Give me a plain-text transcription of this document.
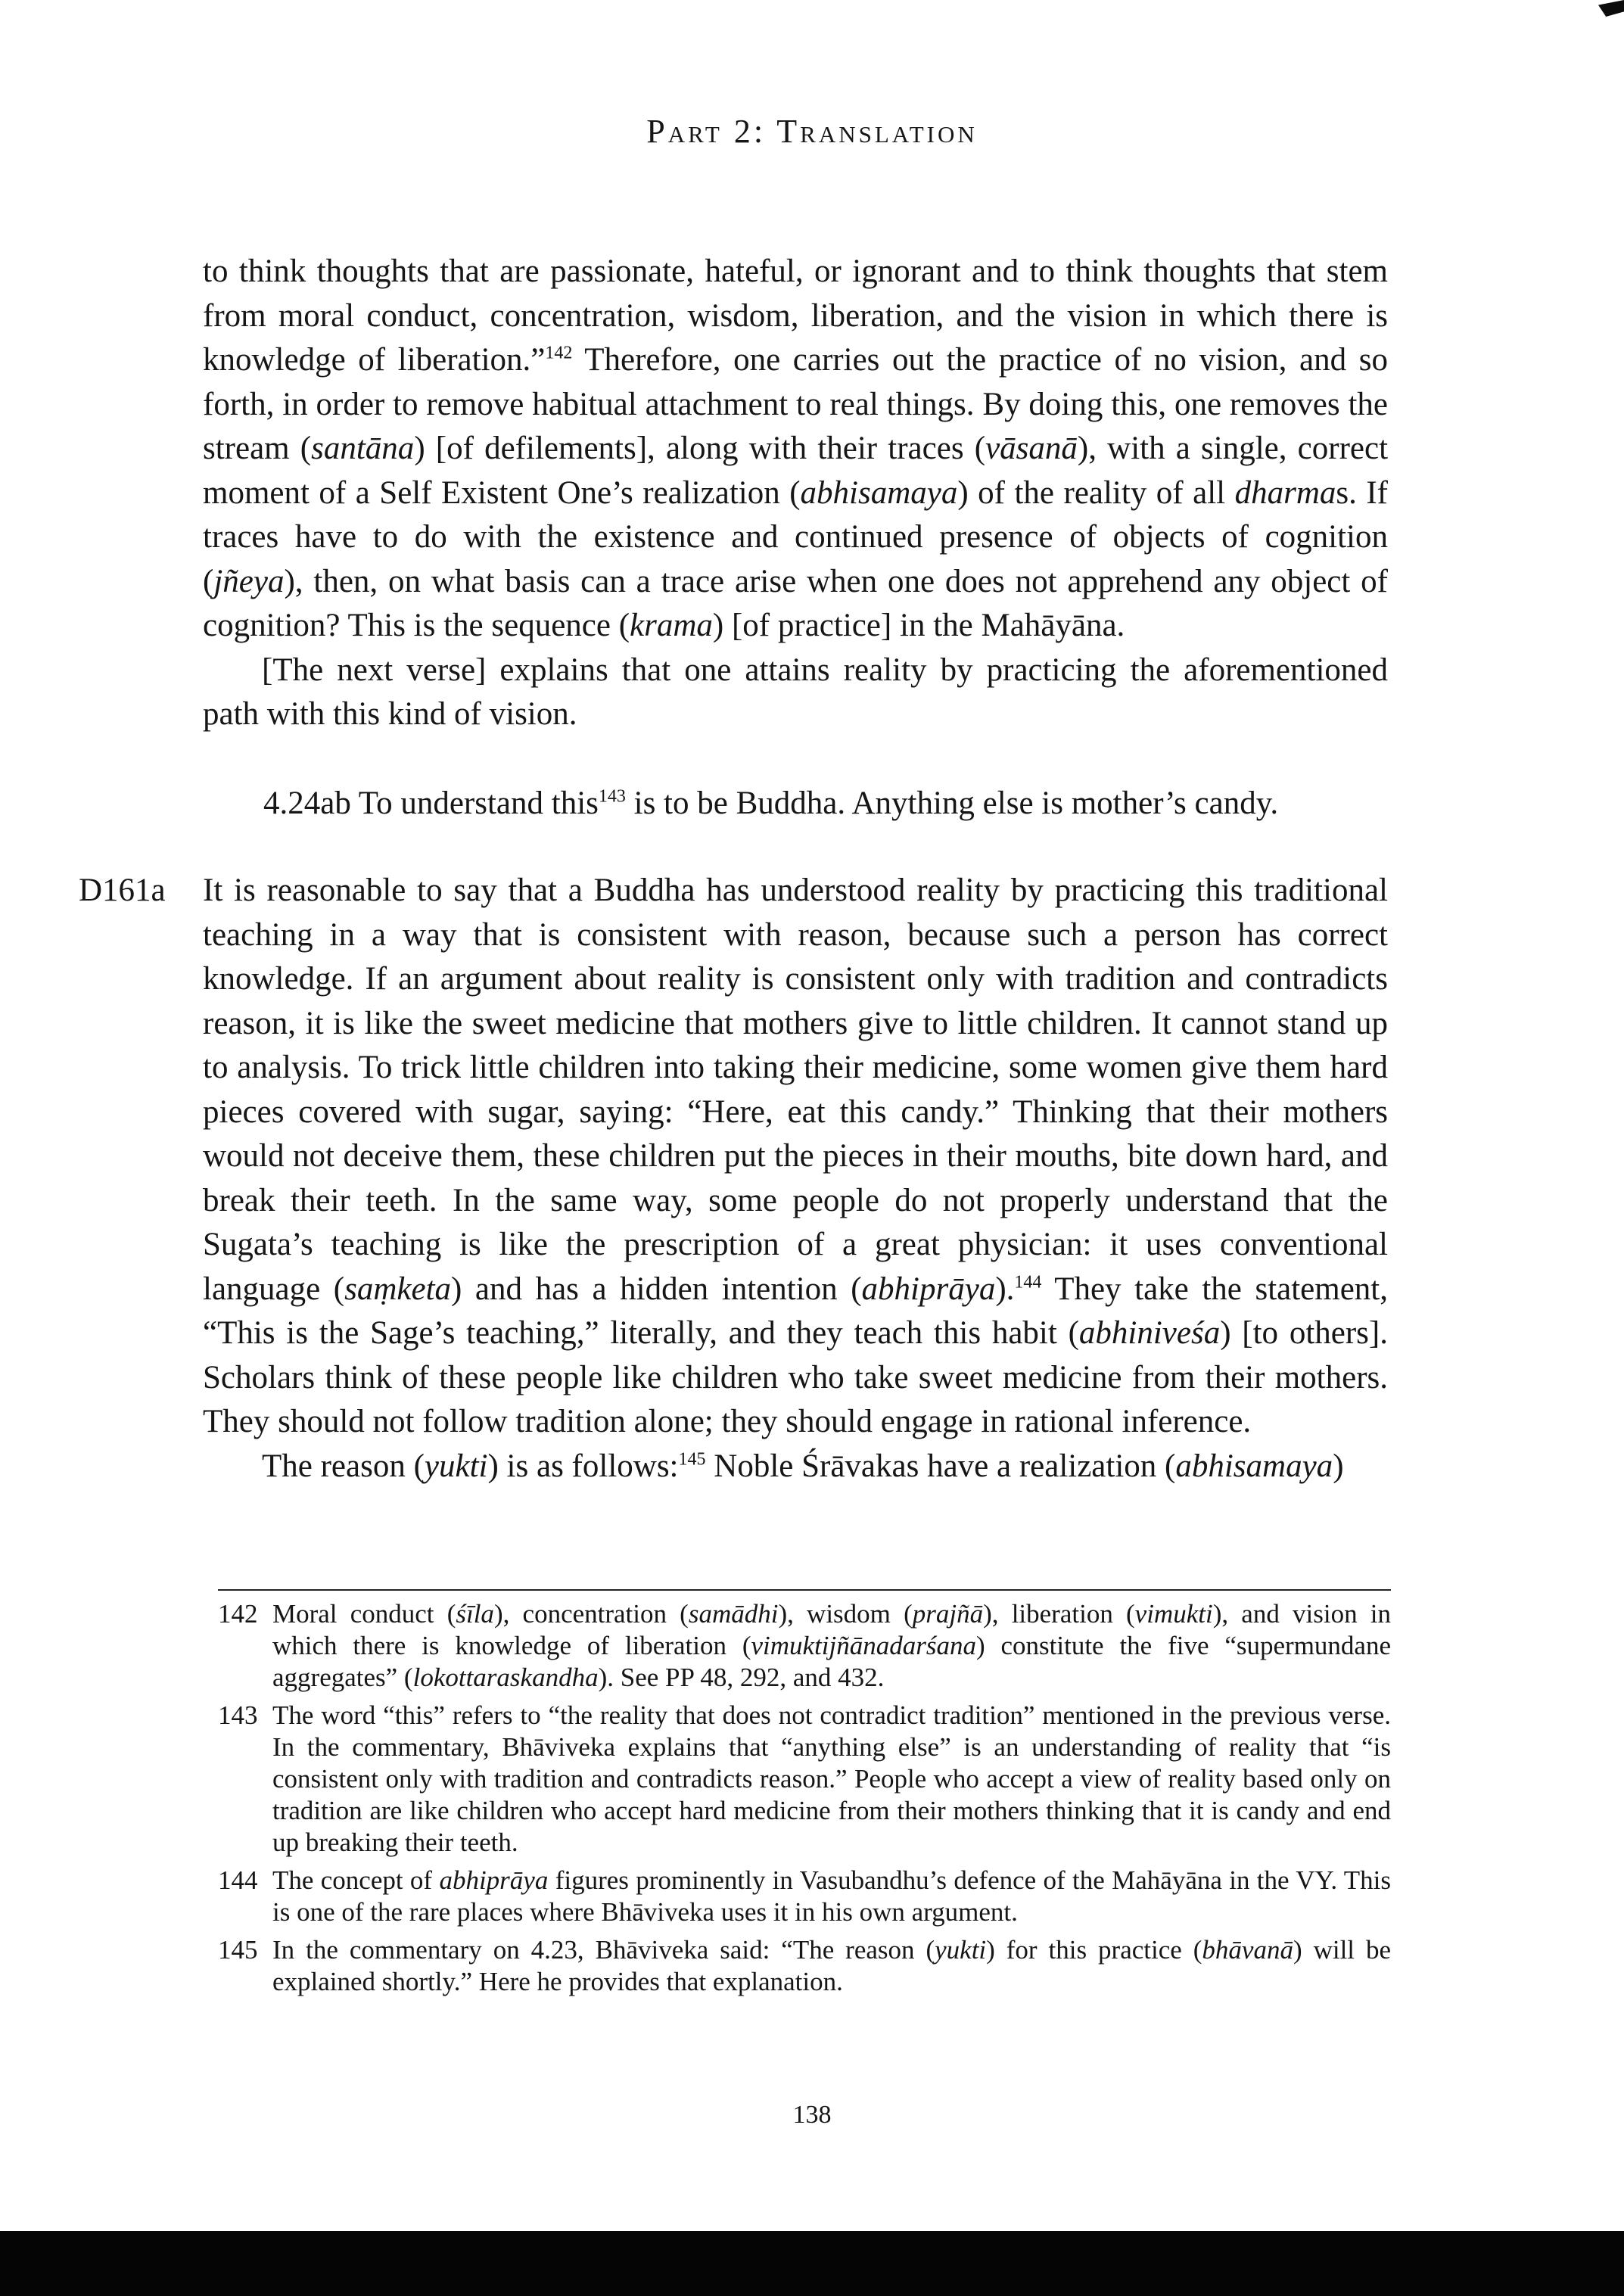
Part 2: Translation

to think thoughts that are passionate, hateful, or ignorant and to think thoughts that stem from moral conduct, concentration, wisdom, liberation, and the vision in which there is knowledge of liberation.”$^{142}$ Therefore, one carries out the practice of no vision, and so forth, in order to remove habitual attachment to real things. By doing this, one removes the stream (santāna) [of defilements], along with their traces (vāsanā), with a single, correct moment of a Self Existent One’s realization (abhisamaya) of the reality of all dharmas. If traces have to do with the existence and continued presence of objects of cognition (jñeya), then, on what basis can a trace arise when one does not apprehend any object of cognition? This is the sequence (krama) [of practice] in the Mahāyāna.

[The next verse] explains that one attains reality by practicing the aforementioned path with this kind of vision.

4.24ab To understand this$^{143}$ is to be Buddha. Anything else is mother’s candy.
D161a It is reasonable to say that a Buddha has understood reality by practicing this traditional teaching in a way that is consistent with reason, because such a person has correct knowledge. If an argument about reality is consistent only with tradition and contradicts reason, it is like the sweet medicine that mothers give to little children. It cannot stand up to analysis. To trick little children into taking their medicine, some women give them hard pieces covered with sugar, saying: “Here, eat this candy.” Thinking that their mothers would not deceive them, these children put the pieces in their mouths, bite down hard, and break their teeth. In the same way, some people do not properly understand that the Sugata’s teaching is like the prescription of a great physician: it uses conventional language (saṃketa) and has a hidden intention (abhiprāya).$^{144}$ They take the statement, “This is the Sage’s teaching,” literally, and they teach this habit (abhiniveśa) [to others]. Scholars think of these people like children who take sweet medicine from their mothers. They should not follow tradition alone; they should engage in rational inference.

The reason (yukti) is as follows:$^{145}$ Noble Śrāvakas have a realization (abhisamaya)

142 Moral conduct (śīla), concentration (samādhi), wisdom (prajñā), liberation (vimukti), and vision in which there is knowledge of liberation (vimuktijñānadarśana) constitute the five “supermundane aggregates” (lokottaraskandha). See PP 48, 292, and 432.
143 The word “this” refers to “the reality that does not contradict tradition” mentioned in the previous verse. In the commentary, Bhāviveka explains that “anything else” is an understanding of reality that “is consistent only with tradition and contradicts reason.” People who accept a view of reality based only on tradition are like children who accept hard medicine from their mothers thinking that it is candy and end up breaking their teeth.
144 The concept of abhiprāya figures prominently in Vasubandhu’s defence of the Mahāyāna in the VY. This is one of the rare places where Bhāviveka uses it in his own argument.
145 In the commentary on 4.23, Bhāviveka said: “The reason (yukti) for this practice (bhāvanā) will be explained shortly.” Here he provides that explanation.
138
